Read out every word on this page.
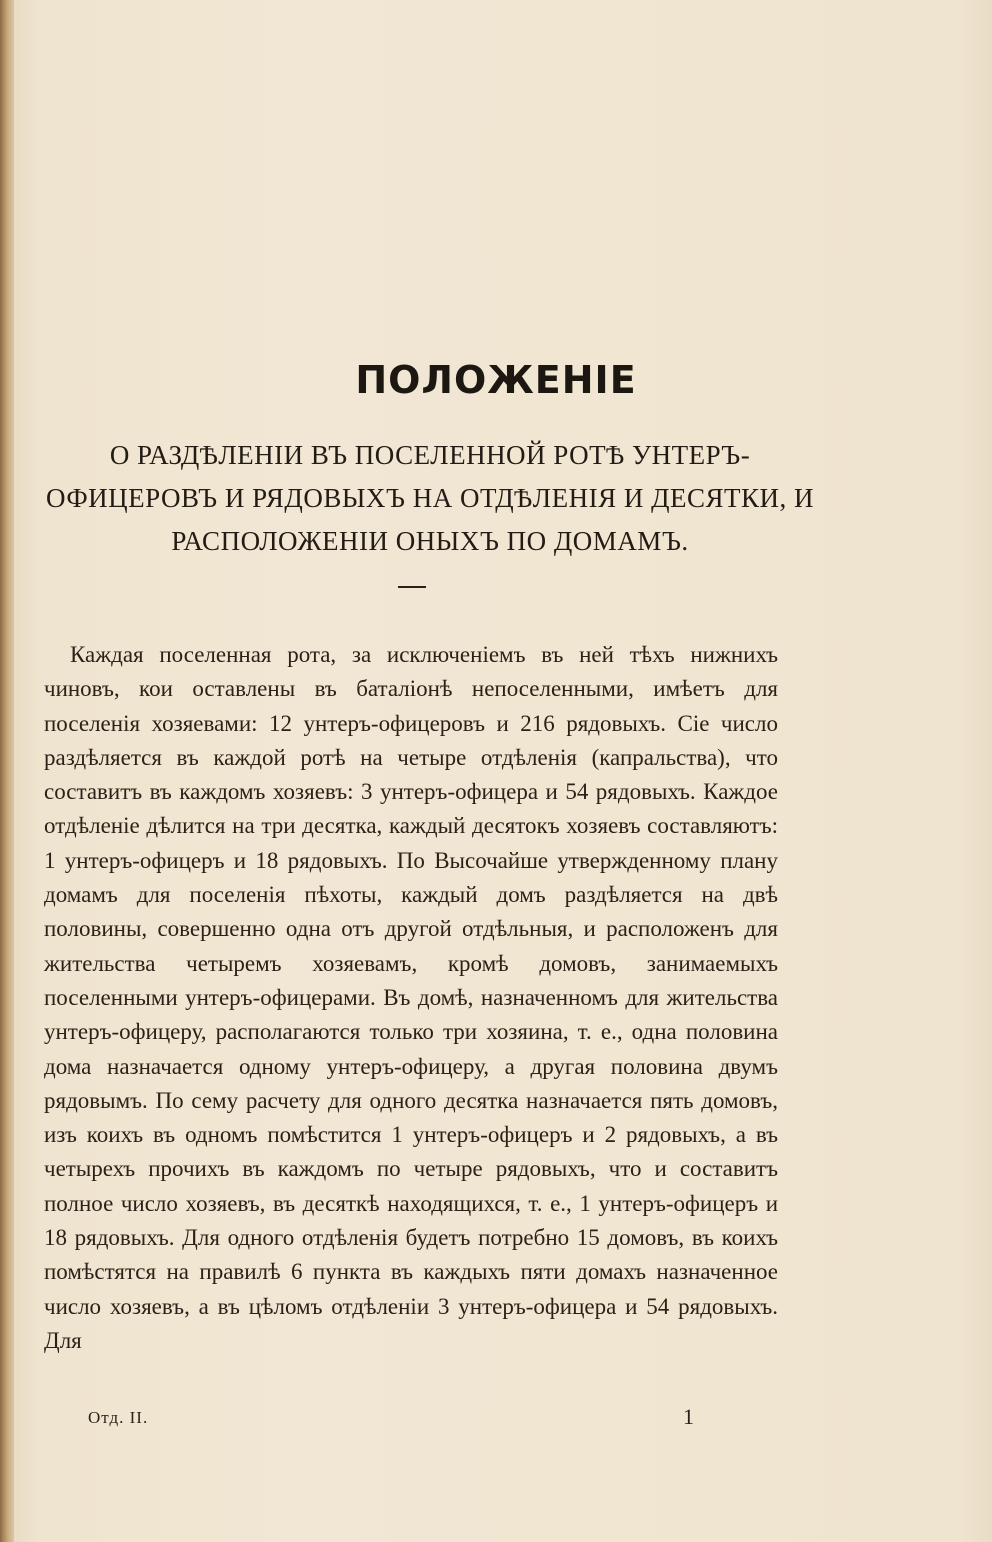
ПОЛОЖЕНІЕ
О РАЗДѢЛЕНІИ ВЪ ПОСЕЛЕННОЙ РОТѢ УНТЕРЪ-ОФИЦЕРОВЪ И РЯДОВЫХЪ НА ОТДѢЛЕНІЯ И ДЕСЯТКИ, И РАСПОЛОЖЕНІИ ОНЫХЪ ПО ДОМАМЪ.

Каждая поселенная рота, за исключеніемъ въ ней тѣхъ нижнихъ чиновъ, кои оставлены въ баталіонѣ непоселенными, имѣетъ для поселенія хозяевами: 12 унтеръ-офицеровъ и 216 рядовыхъ. Сіе число раздѣляется въ каждой ротѣ на четыре отдѣленія (капральства), что составитъ въ каждомъ хозяевъ: 3 унтеръ-офицера и 54 рядовыхъ. Каждое отдѣленіе дѣлится на три десятка, каждый десятокъ хозяевъ составляютъ: 1 унтеръ-офицеръ и 18 рядовыхъ. По Высочайше утвержденному плану домамъ для поселенія пѣхоты, каждый домъ раздѣляется на двѣ половины, совершенно одна отъ другой отдѣльныя, и расположенъ для жительства четыремъ хозяевамъ, кромѣ домовъ, занимаемыхъ поселенными унтеръ-офицерами. Въ домѣ, назначенномъ для жительства унтеръ-офицеру, располагаются только три хозяина, т. е., одна половина дома назначается одному унтеръ-офицеру, а другая половина двумъ рядовымъ. По сему расчету для одного десятка назначается пять домовъ, изъ коихъ въ одномъ помѣстится 1 унтеръ-офицеръ и 2 рядовыхъ, а въ четырехъ прочихъ въ каждомъ по четыре рядовыхъ, что и составитъ полное число хозяевъ, въ десяткѣ находящихся, т. е., 1 унтеръ-офицеръ и 18 рядовыхъ. Для одного отдѣленія будетъ потребно 15 домовъ, въ коихъ помѣстятся на правилѣ 6 пункта въ каждыхъ пяти домахъ назначенное число хозяевъ, а въ цѣломъ отдѣленіи 3 унтеръ-офицера и 54 рядовыхъ. Для

Отд. II.	1
